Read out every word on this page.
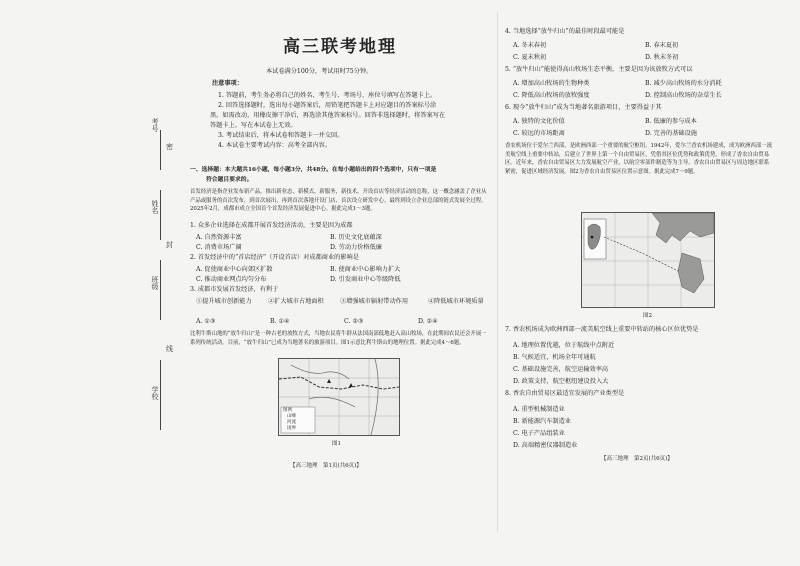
考号
密
姓名
封
班级
线
学校
高三联考地理
本试卷满分100分，考试用时75分钟。
注意事项：
1. 答题前，考生务必将自己的姓名、考生号、考场号、座位号填写在答题卡上。
2. 回答选择题时，选出每小题答案后，用铅笔把答题卡上对应题目的答案标号涂
黑。如需改动，用橡皮擦干净后，再选涂其他答案标号。回答非选择题时，将答案写在
答题卡上。写在本试卷上无效。
3. 考试结束后，将本试卷和答题卡一并交回。
4. 本试卷主要考试内容：高考全部内容。
一、选择题：本大题共16小题，每小题3分，共48分。在每小题给出的四个选项中，只有一项是
符合题目要求的。
首发经济是指企业发布新产品，推出新业态、新模式、新服务，新技术，开设首店等经济活动的总称，这一概念涵盖了企业从产品或服务的首次发布，到首次展出，再到首次落地开设门店、首次设立研发中心，最终到设立企业总部的链式发展全过程。2025年2月，成都市成立全国首个首发经济发展促进中心。据此完成1～3题。
1. 众多企业选择在成都开展首发经济活动，主要是因为成都
A. 自然资源丰富	B. 历史文化底蕴深
C. 消费市场广阔	D. 劳动力价格低廉
2. 首发经济中的“首店经济”（开设首店）对成都商业的影响是
A. 促使商业中心向郊区扩散	B. 使商业中心影响力扩大
C. 推动商业网点均匀分布	D. 引发商业中心等级降低
3. 成都市发展首发经济，有利于
①提升城市创新能力	②扩大城市占地面积	③增强城市辐射带动作用	④降低城市环境质量
A. ①③	B. ①④	C. ②③	D. ②④
比利牛斯山地的“放牛归山”是一种古老的放牧方式，当地农民将牛群从法国南部低地赶入高山牧场，在此期间农民还会开展一系列传统活动。目前，“放牛归山”已成为当地著名的旅游项目。图1示意比利牛斯山的地理位置。据此完成4～6题。
图例
山峰
河流
国界
图1
【高三地理　第1页(共6页)】
4. 当地选择“放牛归山”的最佳时段最可能是
A. 冬末春初	B. 春末夏初
C. 夏末秋初	D. 秋末冬初
5. “放牛归山”能使得高山牧场生态平衡，主要是因为该放牧方式可以
A. 增加高山牧场的生物种类	B. 减少高山牧场的水分消耗
C. 降低高山牧场的放牧强度	D. 控制高山牧场的杂草生长
6. 现今“放牛归山”成为当地著名旅游项目，主要得益于其
A. 独特的文化价值	B. 低廉的参与成本
C. 较远的市场距离	D. 完善的基础设施
香农机场位于爱尔兰西部，是欧洲西部一个重要的航空枢纽。1942年，爱尔兰香农机场建成，成为欧洲西部一流美航空线上重要中转站，后建立了世界上第一个自由贸易区，凭借其区位优势和政策优势，形成了香农自由贸易区。近年来，香农自由贸易区大力发展航空产业，以航空零部件制造等为主导。香农自由贸易区与周边地区联系紧密，促进区域经济发展。图2为香农自由贸易区位置示意图。据此完成7～9题。
图2
7. 香农机场成为欧洲西部一流美航空线上重要中转站的核心区位优势是
A. 地理位置优越，位于航线中点附近
B. 气候适宜，机场全年可通航
C. 基础设施完善，航空运输效率高
D. 政策支持，航空枢纽建设投入大
8. 香农自由贸易区最适宜发展的产业类型是
A. 重型机械制造业
B. 新能源汽车制造业
C. 电子产品组装业
D. 高端精密仪器制造业
【高三地理　第2页(共6页)】
